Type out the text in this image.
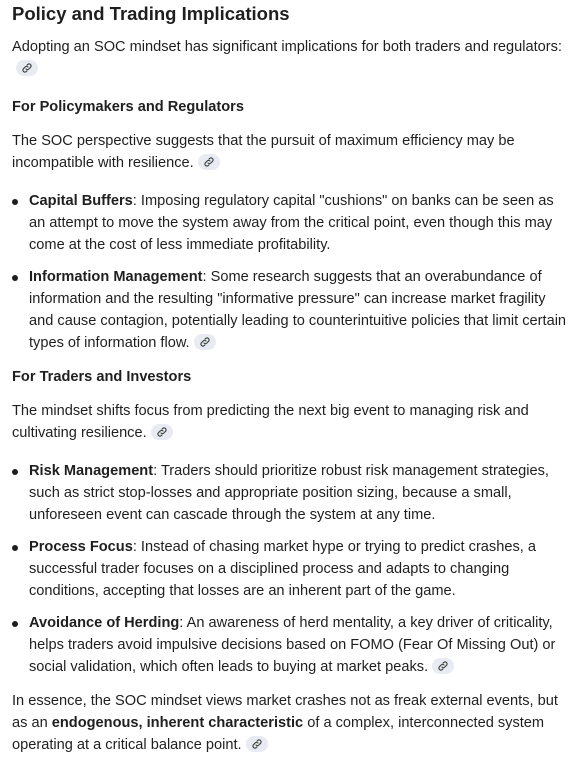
Policy and Trading Implications

Adopting an SOC mindset has significant implications for both traders and regulators:

For Policymakers and Regulators

The SOC perspective suggests that the pursuit of maximum efficiency may be incompatible with resilience.

Capital Buffers: Imposing regulatory capital "cushions" on banks can be seen as an attempt to move the system away from the critical point, even though this may come at the cost of less immediate profitability.
Information Management: Some research suggests that an overabundance of information and the resulting "informative pressure" can increase market fragility and cause contagion, potentially leading to counterintuitive policies that limit certain types of information flow.
For Traders and Investors

The mindset shifts focus from predicting the next big event to managing risk and cultivating resilience.

Risk Management: Traders should prioritize robust risk management strategies, such as strict stop-losses and appropriate position sizing, because a small, unforeseen event can cascade through the system at any time.
Process Focus: Instead of chasing market hype or trying to predict crashes, a successful trader focuses on a disciplined process and adapts to changing conditions, accepting that losses are an inherent part of the game.
Avoidance of Herding: An awareness of herd mentality, a key driver of criticality, helps traders avoid impulsive decisions based on FOMO (Fear Of Missing Out) or social validation, which often leads to buying at market peaks.

In essence, the SOC mindset views market crashes not as freak external events, but as an endogenous, inherent characteristic of a complex, interconnected system operating at a critical balance point.
